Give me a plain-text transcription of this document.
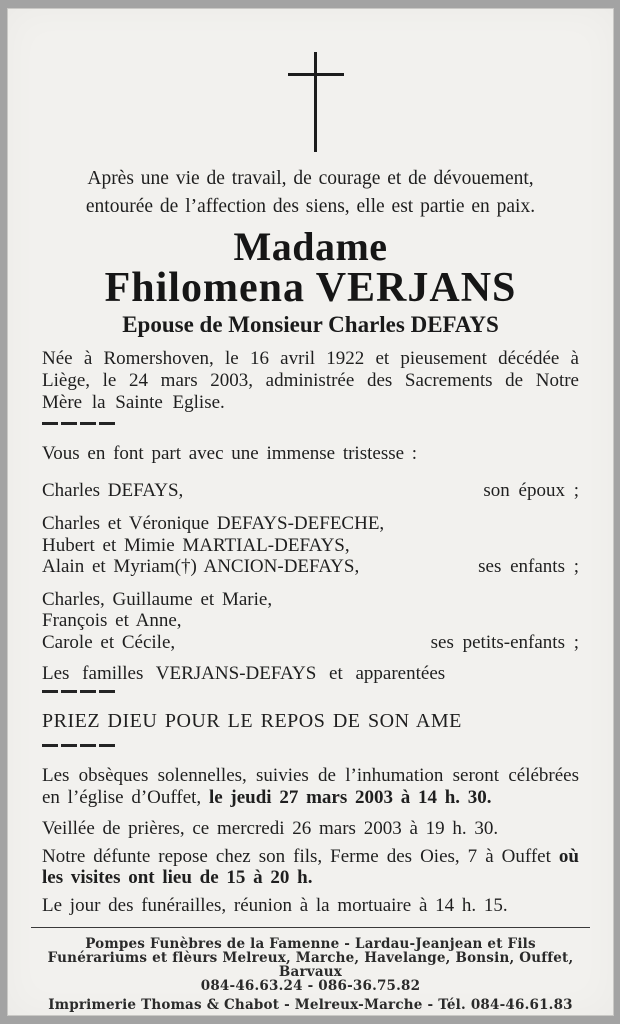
Après une vie de travail, de courage et de dévouement,
entourée de l’affection des siens, elle est partie en paix.
Madame
Fhilomena VERJANS
Epouse de Monsieur Charles DEFAYS
Née à Romershoven, le 16 avril 1922 et pieusement décédée à Liège, le 24 mars 2003, administrée des Sacrements de Notre Mère la Sainte Eglise.
Vous en font part avec une immense tristesse :
Charles DEFAYS,	son époux ;
Charles et Véronique DEFAYS-DEFECHE,
Hubert et Mimie MARTIAL-DEFAYS,
Alain et Myriam(†) ANCION-DEFAYS,	ses enfants ;
Charles, Guillaume et Marie,
François et Anne,
Carole et Cécile,	ses petits-enfants ;
Les familles VERJANS-DEFAYS et apparentées
PRIEZ DIEU POUR LE REPOS DE SON AME
Les obsèques solennelles, suivies de l’inhumation seront célébrées en l’église d’Ouffet, le jeudi 27 mars 2003 à 14 h. 30.
Veillée de prières, ce mercredi 26 mars 2003 à 19 h. 30.
Notre défunte repose chez son fils, Ferme des Oies, 7 à Ouffet où les visites ont lieu de 15 à 20 h.
Le jour des funérailles, réunion à la mortuaire à 14 h. 15.
Pompes Funèbres de la Famenne - Lardau-Jeanjean et Fils
Funérariums et flèurs Melreux, Marche, Havelange, Bonsin, Ouffet, Barvaux
084-46.63.24 - 086-36.75.82
Imprimerie Thomas & Chabot - Melreux-Marche - Tél. 084-46.61.83
